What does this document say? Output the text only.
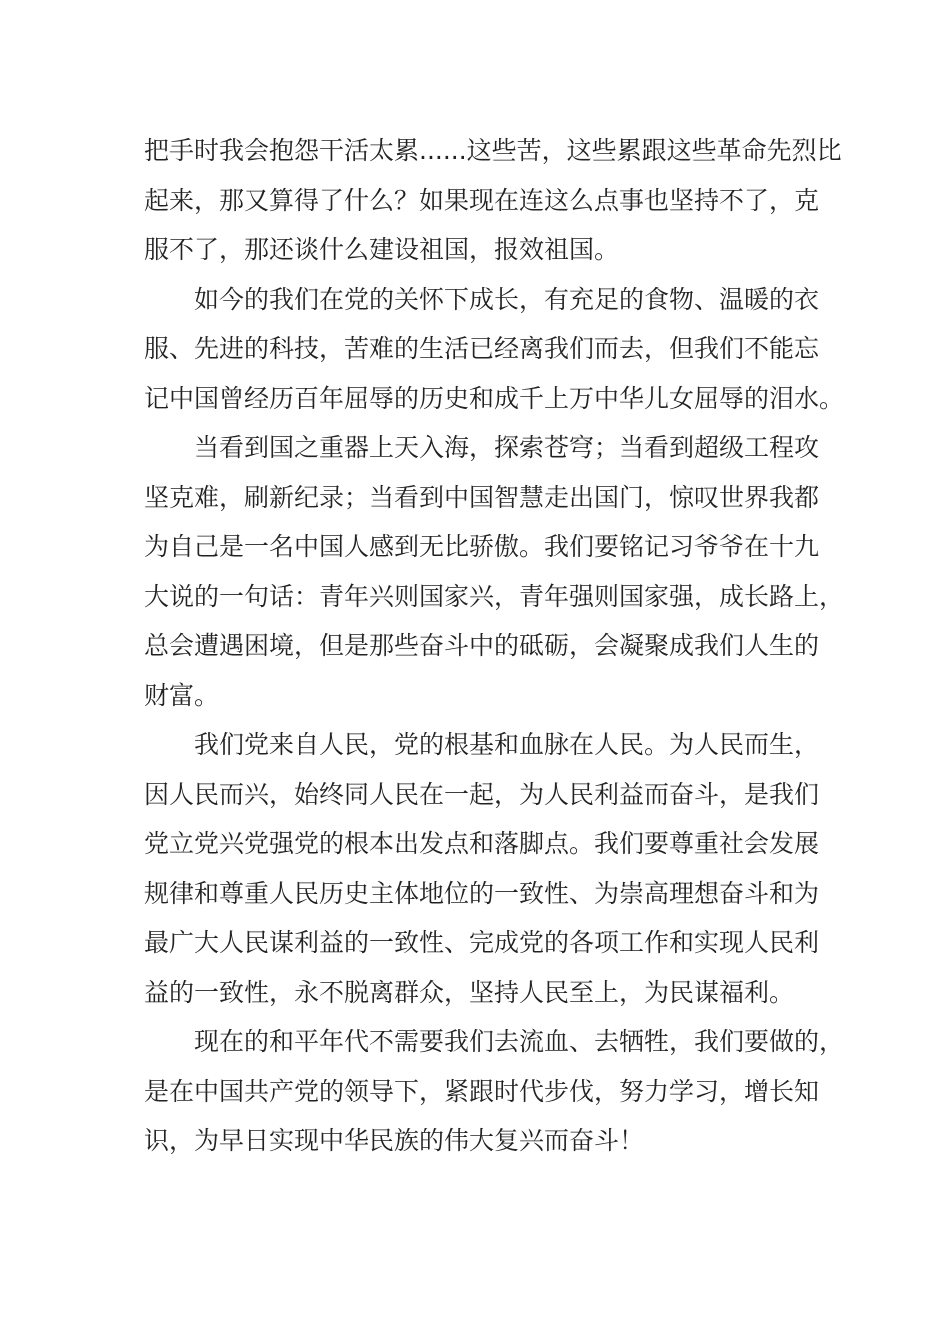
把手时我会抱怨干活太累......这些苦，这些累跟这些革命先烈比
起来，那又算得了什么？如果现在连这么点事也坚持不了，克
服不了，那还谈什么建设祖国，报效祖国。

如今的我们在党的关怀下成长，有充足的食物、温暖的衣
服、先进的科技，苦难的生活已经离我们而去，但我们不能忘
记中国曾经历百年屈辱的历史和成千上万中华儿女屈辱的泪水。

当看到国之重器上天入海，探索苍穹；当看到超级工程攻
坚克难，刷新纪录；当看到中国智慧走出国门，惊叹世界我都
为自己是一名中国人感到无比骄傲。我们要铭记习爷爷在十九
大说的一句话：青年兴则国家兴，青年强则国家强，成长路上，
总会遭遇困境，但是那些奋斗中的砥砺，会凝聚成我们人生的
财富。

我们党来自人民，党的根基和血脉在人民。为人民而生，
因人民而兴，始终同人民在一起，为人民利益而奋斗，是我们
党立党兴党强党的根本出发点和落脚点。我们要尊重社会发展
规律和尊重人民历史主体地位的一致性、为崇高理想奋斗和为
最广大人民谋利益的一致性、完成党的各项工作和实现人民利
益的一致性，永不脱离群众，坚持人民至上，为民谋福利。

现在的和平年代不需要我们去流血、去牺牲，我们要做的，
是在中国共产党的领导下，紧跟时代步伐，努力学习，增长知
识，为早日实现中华民族的伟大复兴而奋斗！
